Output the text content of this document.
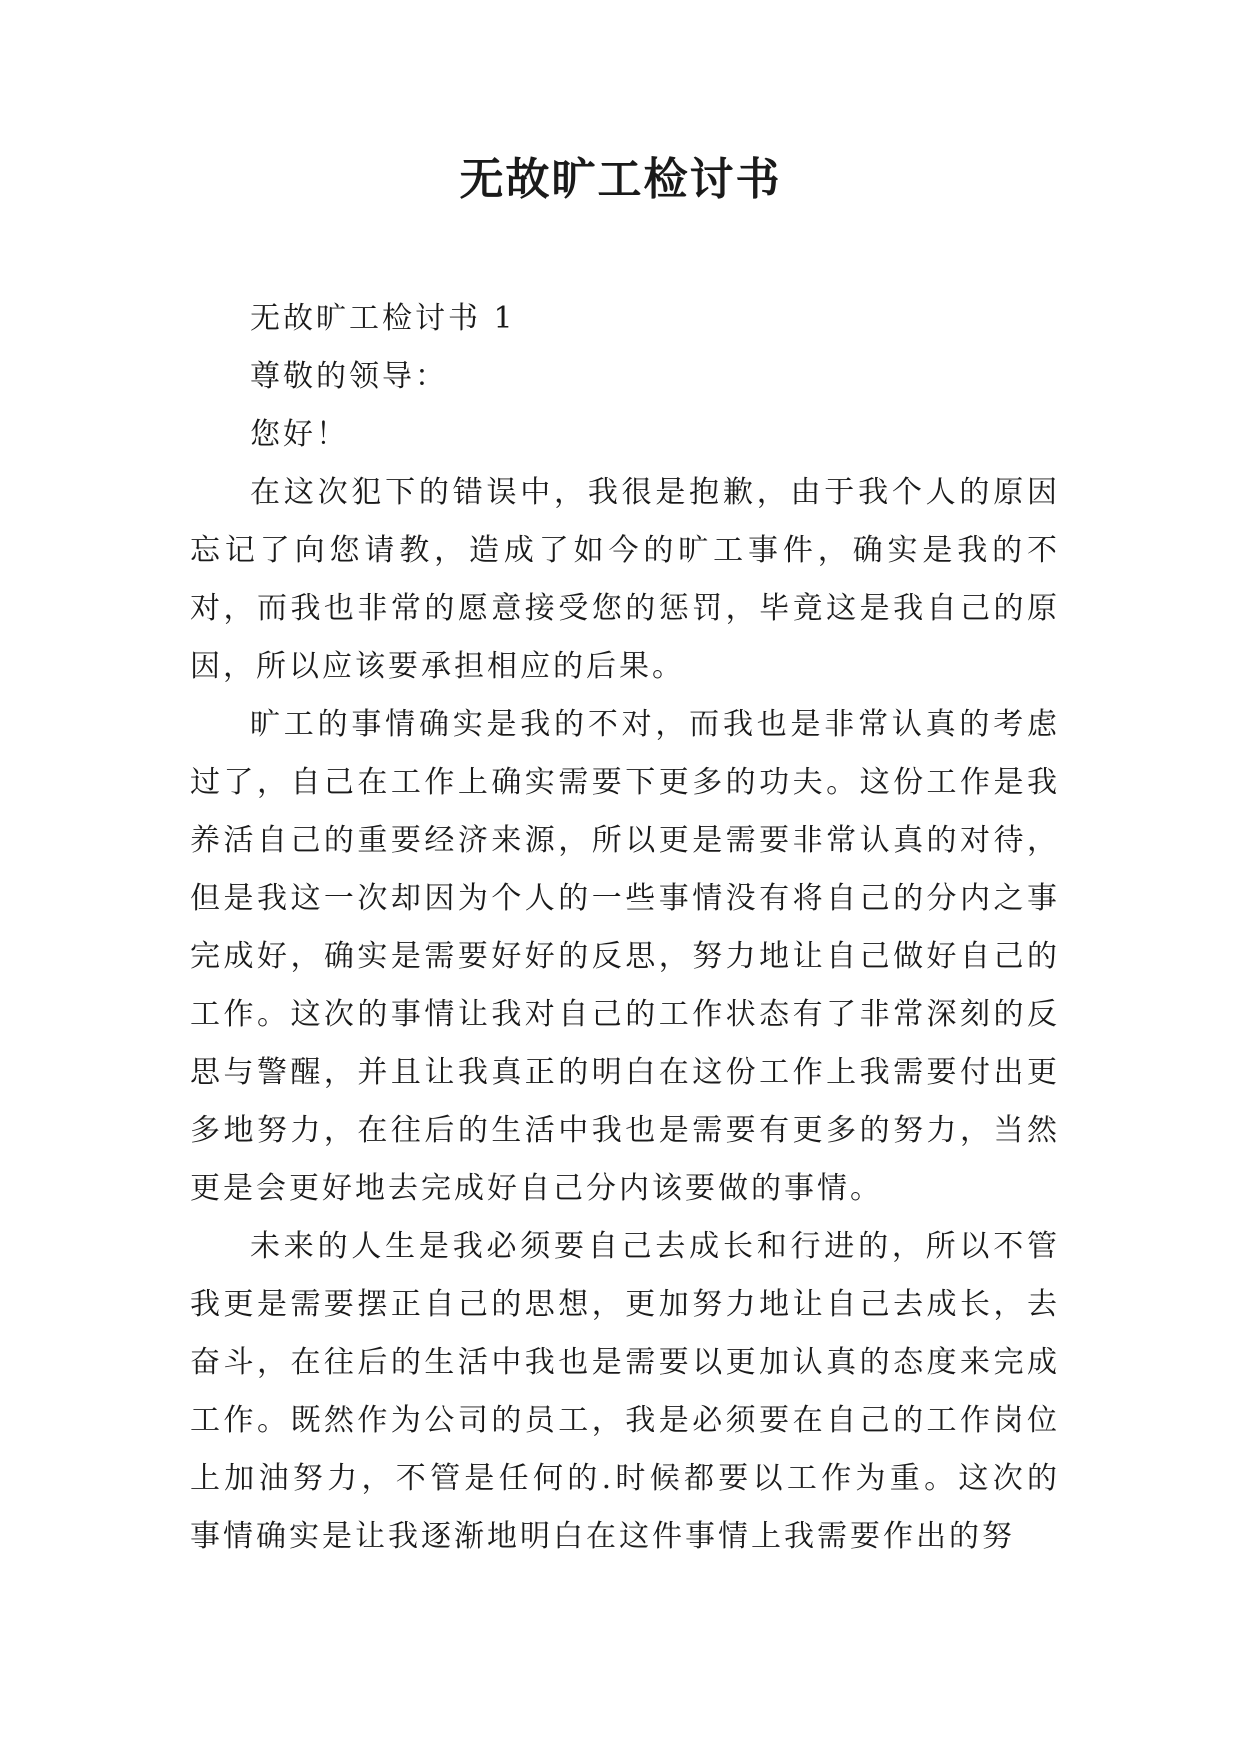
无故旷工检讨书

无故旷工检讨书 1

尊敬的领导：

您好！

在这次犯下的错误中，我很是抱歉，由于我个人的原因忘记了向您请教，造成了如今的旷工事件，确实是我的不对，而我也非常的愿意接受您的惩罚，毕竟这是我自己的原因，所以应该要承担相应的后果。

旷工的事情确实是我的不对，而我也是非常认真的考虑过了，自己在工作上确实需要下更多的功夫。这份工作是我养活自己的重要经济来源，所以更是需要非常认真的对待，但是我这一次却因为个人的一些事情没有将自己的分内之事完成好，确实是需要好好的反思，努力地让自己做好自己的工作。这次的事情让我对自己的工作状态有了非常深刻的反思与警醒，并且让我真正的明白在这份工作上我需要付出更多地努力，在往后的生活中我也是需要有更多的努力，当然更是会更好地去完成好自己分内该要做的事情。

未来的人生是我必须要自己去成长和行进的，所以不管我更是需要摆正自己的思想，更加努力地让自己去成长，去奋斗，在往后的生活中我也是需要以更加认真的态度来完成工作。既然作为公司的员工，我是必须要在自己的工作岗位上加油努力，不管是任何的.时候都要以工作为重。这次的事情确实是让我逐渐地明白在这件事情上我需要作出的努
